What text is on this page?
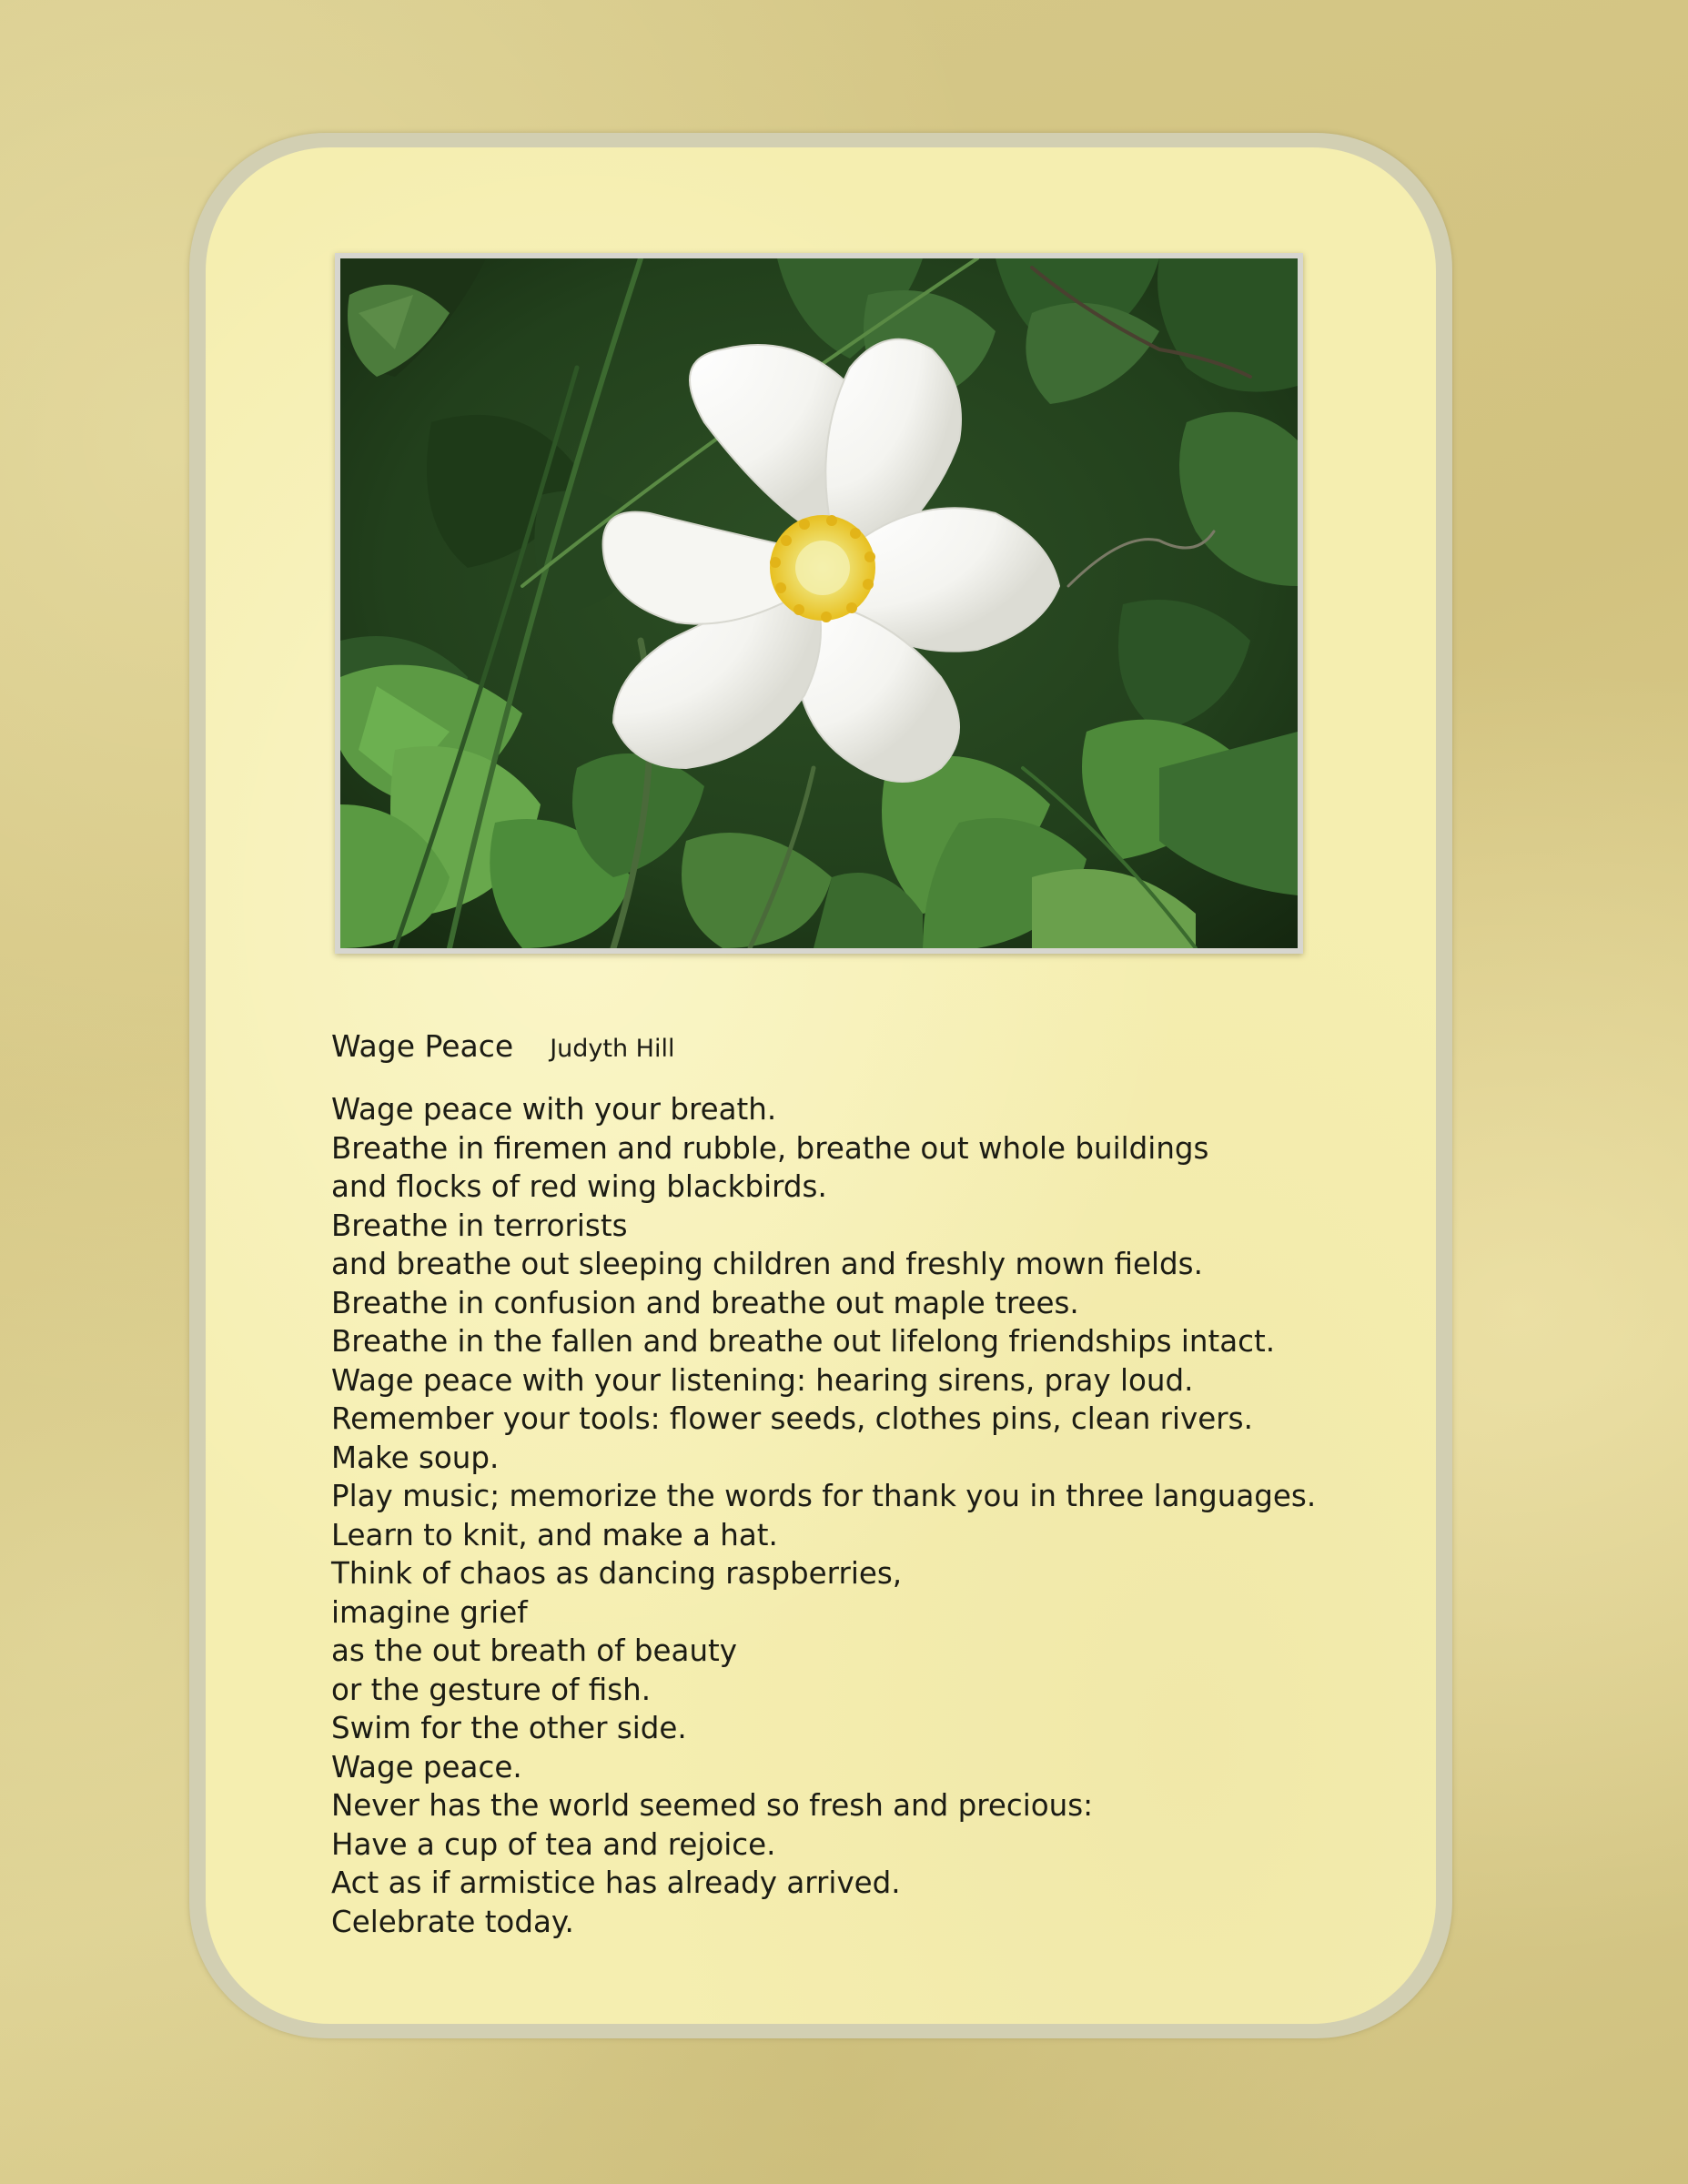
Wage Peace Judyth Hill
Wage peace with your breath.
Breathe in firemen and rubble, breathe out whole buildings
and flocks of red wing blackbirds.
Breathe in terrorists
and breathe out sleeping children and freshly mown fields.
Breathe in confusion and breathe out maple trees.
Breathe in the fallen and breathe out lifelong friendships intact.
Wage peace with your listening: hearing sirens, pray loud.
Remember your tools: flower seeds, clothes pins, clean rivers.
Make soup.
Play music; memorize the words for thank you in three languages.
Learn to knit, and make a hat.
Think of chaos as dancing raspberries,
imagine grief
as the out breath of beauty
or the gesture of fish.
Swim for the other side.
Wage peace.
Never has the world seemed so fresh and precious:
Have a cup of tea and rejoice.
Act as if armistice has already arrived.
Celebrate today.
